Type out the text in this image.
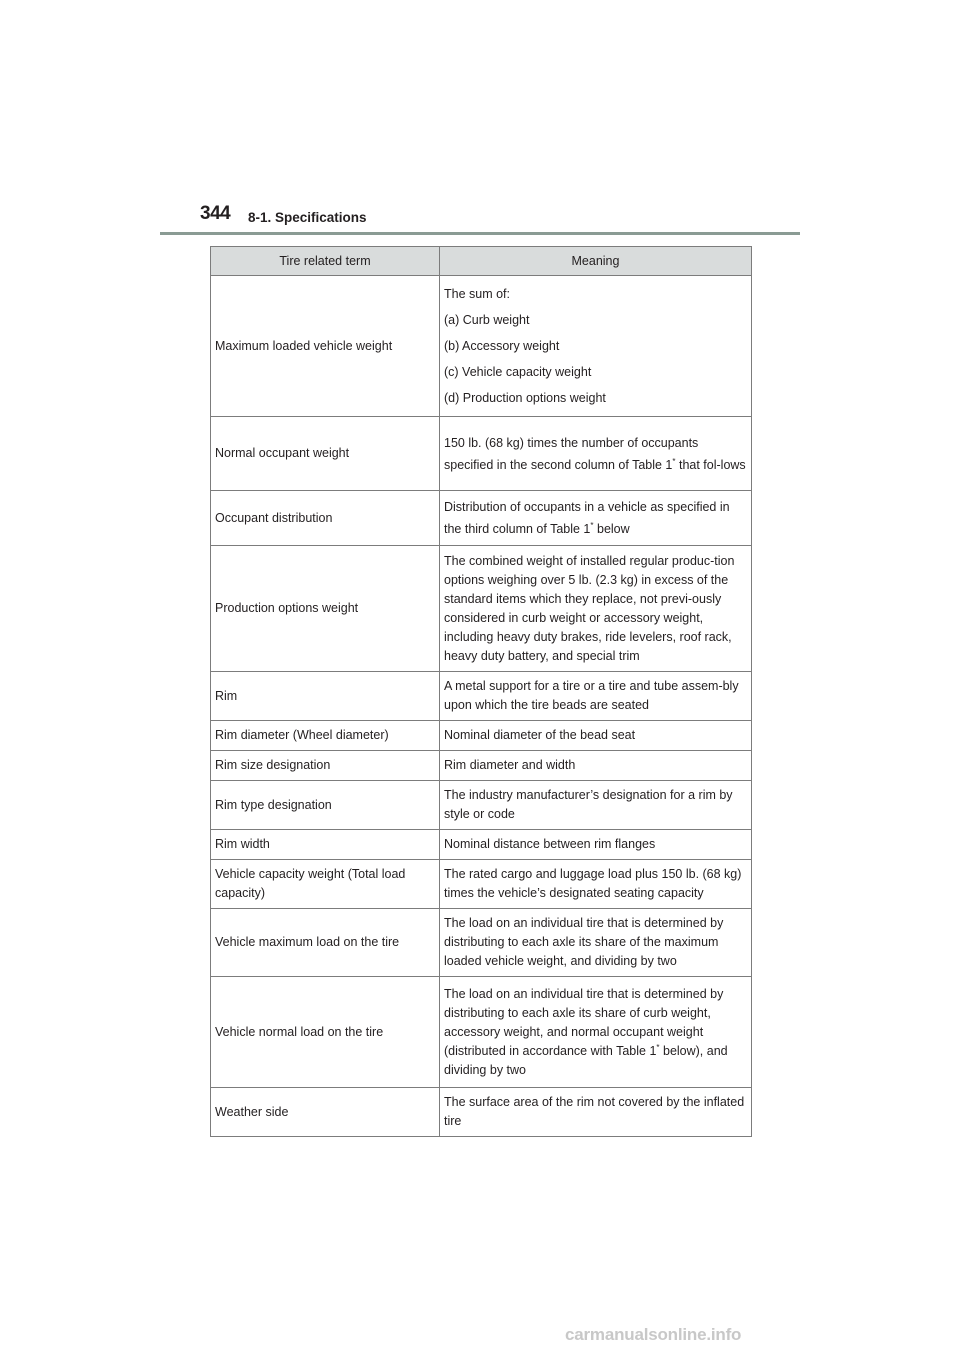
344 8-1. Specifications
Tire related term	Meaning
Maximum loaded vehicle weight	The sum of:
(a) Curb weight
(b) Accessory weight
(c) Vehicle capacity weight
(d) Production options weight

Normal occupant weight	150 lb. (68 kg) times the number of occupants specified in the second column of Table 1* that fol-lows
Occupant distribution	Distribution of occupants in a vehicle as specified in the third column of Table 1* below
Production options weight	The combined weight of installed regular produc-tion options weighing over 5 lb. (2.3 kg) in excess of the standard items which they replace, not previ-ously considered in curb weight or accessory weight, including heavy duty brakes, ride levelers, roof rack, heavy duty battery, and special trim
Rim	A metal support for a tire or a tire and tube assem-bly upon which the tire beads are seated
Rim diameter (Wheel diameter)	Nominal diameter of the bead seat
Rim size designation	Rim diameter and width
Rim type designation	The industry manufacturer’s designation for a rim by style or code
Rim width	Nominal distance between rim flanges
Vehicle capacity weight (Total load capacity)	The rated cargo and luggage load plus 150 lb. (68 kg) times the vehicle’s designated seating capacity
Vehicle maximum load on the tire	The load on an individual tire that is determined by distributing to each axle its share of the maximum loaded vehicle weight, and dividing by two
Vehicle normal load on the tire	The load on an individual tire that is determined by distributing to each axle its share of curb weight, accessory weight, and normal occupant weight (distributed in accordance with Table 1* below), and dividing by two
Weather side	The surface area of the rim not covered by the inflated tire
carmanualsonline.info
